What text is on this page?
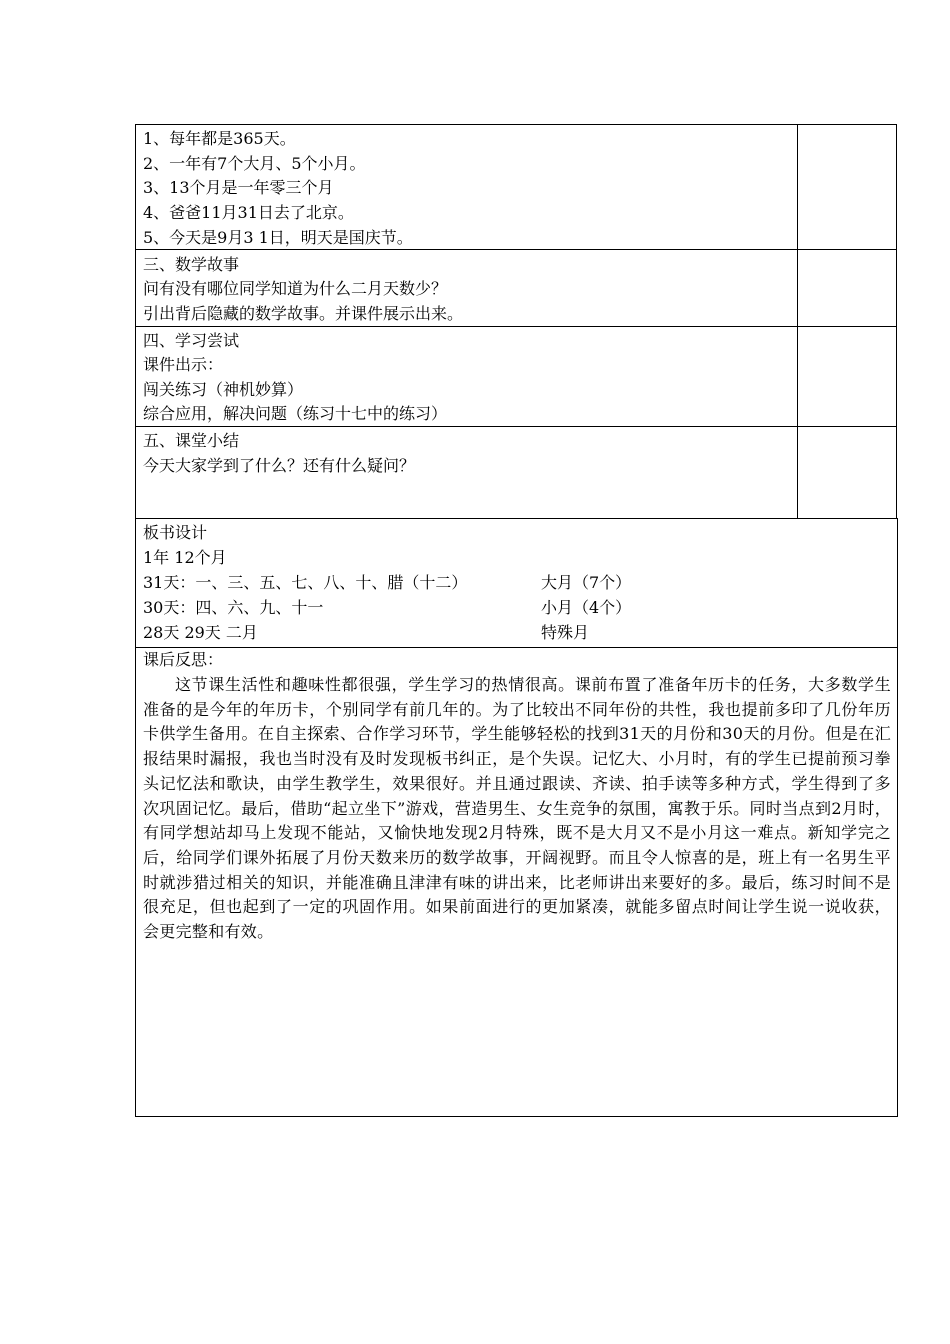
1、每年都是365天。
2、一年有7个大月、5个小月。
3、13个月是一年零三个月
4、爸爸11月31日去了北京。
5、今天是9月3 1日，明天是国庆节。
三、数学故事
问有没有哪位同学知道为什么二月天数少？
引出背后隐藏的数学故事。并课件展示出来。
四、学习尝试
课件出示：
闯关练习（神机妙算）
综合应用，解决问题（练习十七中的练习）
五、课堂小结
今天大家学到了什么？还有什么疑问？
板书设计
1年 12个月
31天：一、三、五、七、八、十、腊（十二）	大月（7个）
30天：四、六、九、十一	小月（4个）
28天 29天 二月	特殊月
课后反思：
这节课生活性和趣味性都很强，学生学习的热情很高。课前布置了准备年历卡的任务，大多数学生准备的是今年的年历卡，个别同学有前几年的。为了比较出不同年份的共性，我也提前多印了几份年历卡供学生备用。在自主探索、合作学习环节，学生能够轻松的找到31天的月份和30天的月份。但是在汇报结果时漏报，我也当时没有及时发现板书纠正，是个失误。记忆大、小月时，有的学生已提前预习拳头记忆法和歌诀，由学生教学生，效果很好。并且通过跟读、齐读、拍手读等多种方式，学生得到了多次巩固记忆。最后，借助“起立坐下”游戏，营造男生、女生竞争的氛围，寓教于乐。同时当点到2月时，有同学想站却马上发现不能站，又愉快地发现2月特殊，既不是大月又不是小月这一难点。新知学完之后，给同学们课外拓展了月份天数来历的数学故事，开阔视野。而且令人惊喜的是，班上有一名男生平时就涉猎过相关的知识，并能准确且津津有味的讲出来，比老师讲出来要好的多。最后，练习时间不是很充足，但也起到了一定的巩固作用。如果前面进行的更加紧凑，就能多留点时间让学生说一说收获，会更完整和有效。
